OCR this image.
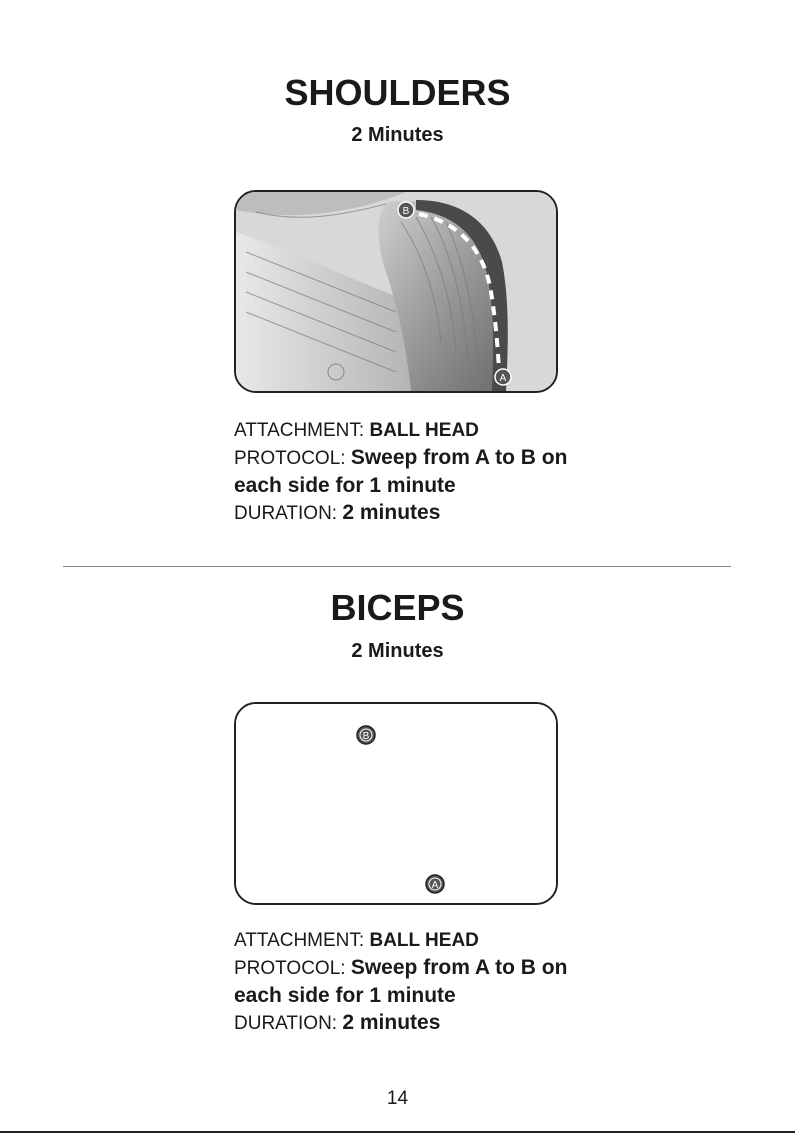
SHOULDERS

2 Minutes

B
A
ATTACHMENT: BALL HEAD
PROTOCOL: Sweep from A to B on
each side for 1 minute
DURATION: 2 minutes
BICEPS

2 Minutes

B
A
ATTACHMENT: BALL HEAD
PROTOCOL: Sweep from A to B on
each side for 1 minute
DURATION: 2 minutes
14
